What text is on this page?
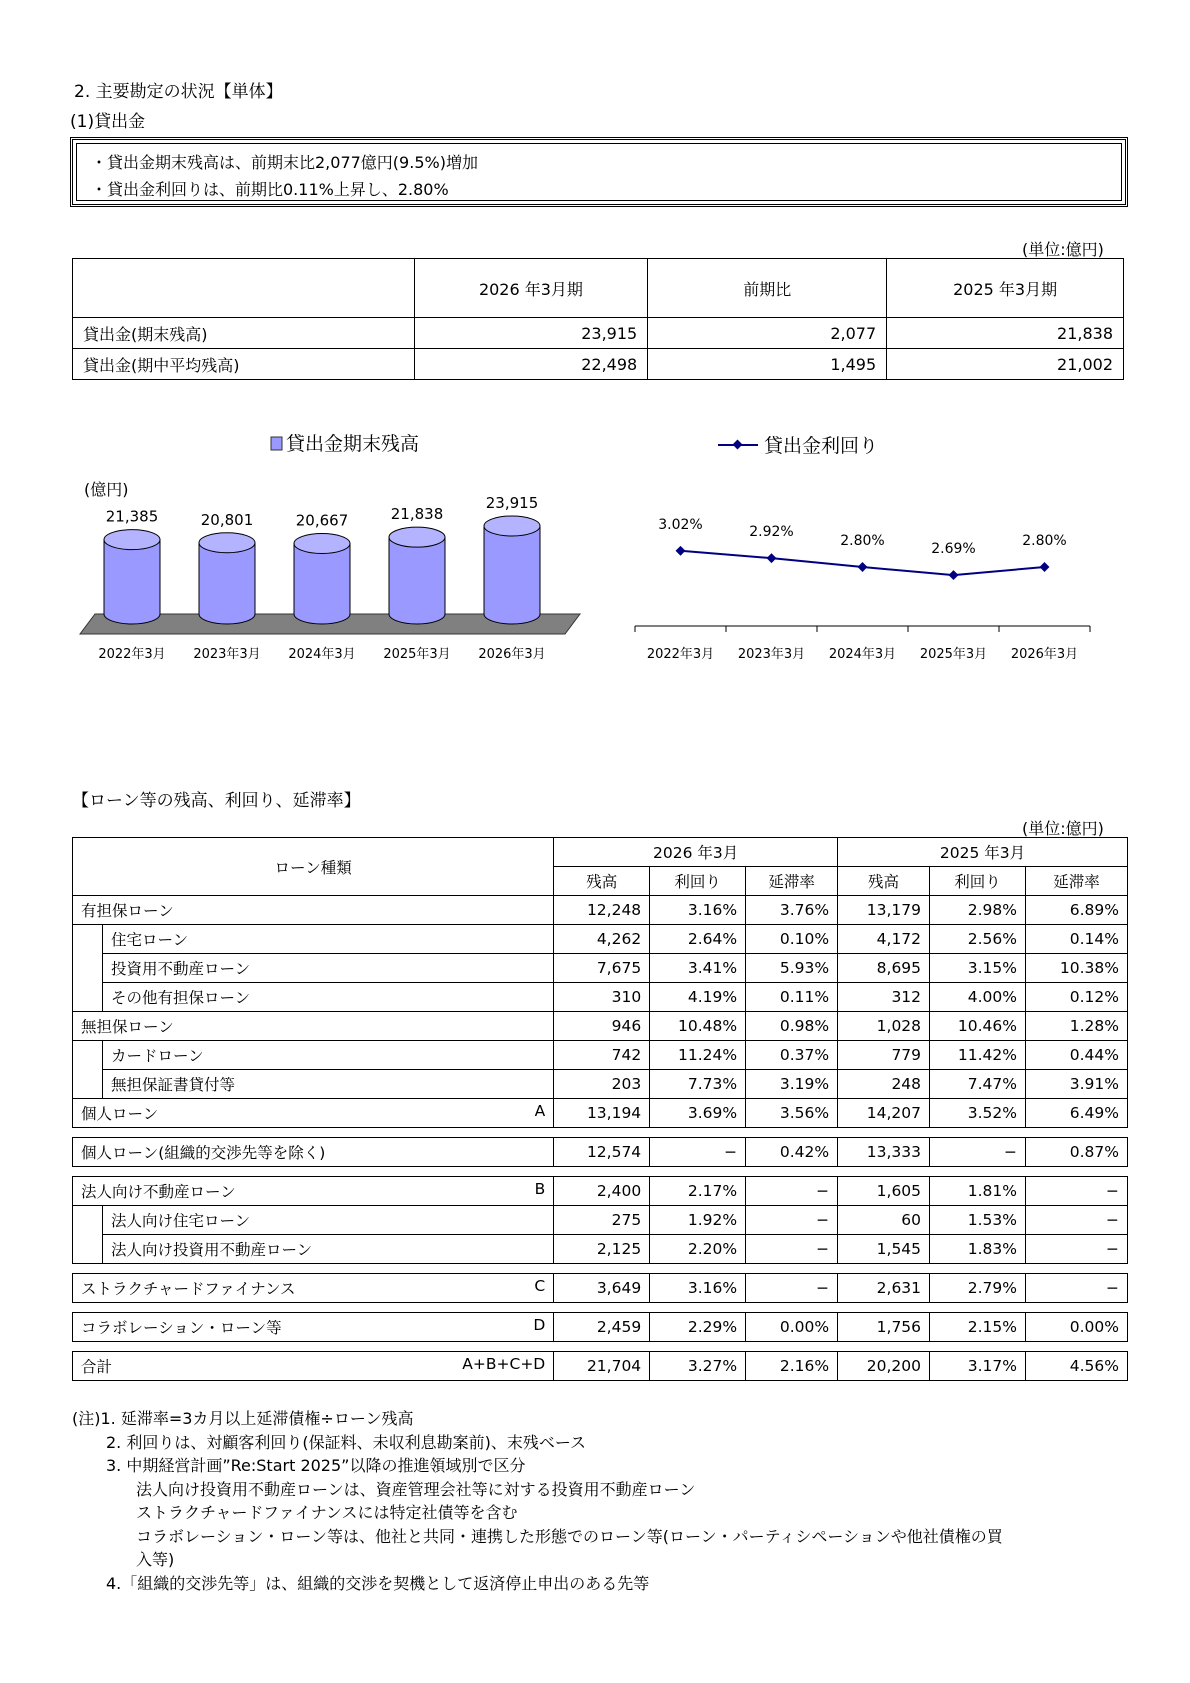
2. 主要勘定の状況【単体】
(1)貸出金
・貸出金期末残高は、前期末比2,077億円(9.5%)増加
・貸出金利回りは、前期比0.11%上昇し、2.80%
(単位:億円)
	2026 年3月期	前期比	2025 年3月期
貸出金(期末残高)	23,915	2,077	21,838
貸出金(期中平均残高)	22,498	1,495	21,002
貸出金期末残高
(億円)
21,385
2022年3月
20,801
2023年3月
20,667
2024年3月
21,838
2025年3月
23,915
2026年3月
貸出金利回り
3.02%
2022年3月
2.92%
2023年3月
2.80%
2024年3月
2.69%
2025年3月
2.80%
2026年3月
【ローン等の残高、利回り、延滞率】
(単位:億円)
ローン種類		2026 年3月			2025 年3月		
		残高	利回り	延滞率	残高	利回り	延滞率

有担保ローン		12,248	3.16%	3.76%	13,179	2.98%	6.89%

	住宅ローン	4,262	2.64%	0.10%	4,172	2.56%	0.14%

	投資用不動産ローン	7,675	3.41%	5.93%	8,695	3.15%	10.38%

	その他有担保ローン	310	4.19%	0.11%	312	4.00%	0.12%

無担保ローン		946	10.48%	0.98%	1,028	10.46%	1.28%

	カードローン	742	11.24%	0.37%	779	11.42%	0.44%

	無担保証書貸付等	203	7.73%	3.19%	248	7.47%	3.91%

個人ローン A		13,194	3.69%	3.56%	14,207	3.52%	6.49%

個人ローン(組織的交渉先等を除く)		12,574	−	0.42%	13,333	−	0.87%

法人向け不動産ローン B		2,400	2.17%	−	1,605	1.81%	−

	法人向け住宅ローン	275	1.92%	−	60	1.53%	−

	法人向け投資用不動産ローン	2,125	2.20%	−	1,545	1.83%	−

ストラクチャードファイナンス C		3,649	3.16%	−	2,631	2.79%	−

コラボレーション・ローン等 D		2,459	2.29%	0.00%	1,756	2.15%	0.00%

合計 A+B+C+D		21,704	3.27%	2.16%	20,200	3.17%	4.56%
(注)1. 延滞率=3カ月以上延滞債権÷ローン残高
2. 利回りは、対顧客利回り(保証料、未収利息勘案前)、末残ベース
3. 中期経営計画”Re:Start 2025”以降の推進領域別で区分
法人向け投資用不動産ローンは、資産管理会社等に対する投資用不動産ローン
ストラクチャードファイナンスには特定社債等を含む
コラボレーション・ローン等は、他社と共同・連携した形態でのローン等(ローン・パーティシペーションや他社債権の買
入等)
4.「組織的交渉先等」は、組織的交渉を契機として返済停止申出のある先等
